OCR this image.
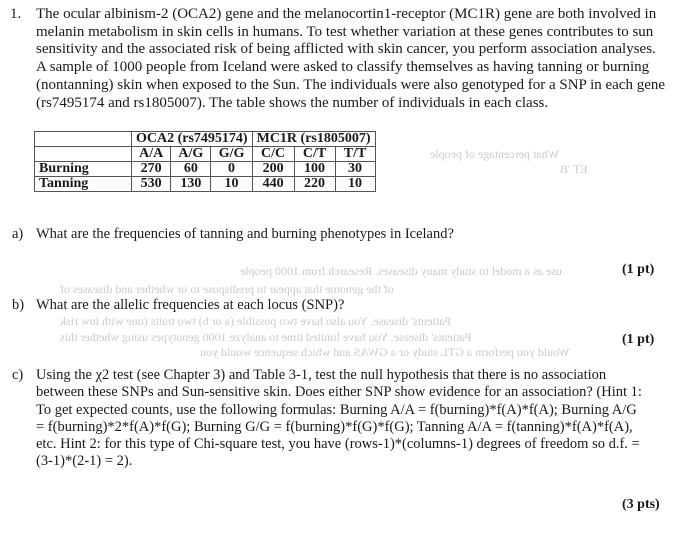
1. The ocular albinism-2 (OCA2) gene and the melanocortin1-receptor (MC1R) gene are both involved in

melanin metabolism in skin cells in humans. To test whether variation at these genes contributes to sun

sensitivity and the associated risk of being afflicted with skin cancer, you perform association analyses.

A sample of 1000 people from Iceland were asked to classify themselves as having tanning or burning

(nontanning) skin when exposed to the Sun. The individuals were also genotyped for a SNP in each gene

(rs7495174 and rs1805007). The table shows the number of individuals in each class.

What percentage of people
ET 'B
use as a model to study many diseases. Research from 1000 people
of the genome that appear to predispose to or whether and diseases of
Patients' disease. You also have two possible (a or b) two traits (one with low risk
Patients' disease. You have limited time to analyze 1000 genotypes using whether this
Would you perform a GTL study or a GWAS and which sequence would you
	OCA2 (rs7495174)			MC1R (rs1805007)		
	A/A	A/G	G/G	C/C	C/T	T/T
Burning	270	60	0	200	100	30
Tanning	530	130	10	440	220	10
a) What are the frequencies of tanning and burning phenotypes in Iceland?
(1 pt)
b) What are the allelic frequencies at each locus (SNP)?
(1 pt)
c) Using the χ2 test (see Chapter 3) and Table 3-1, test the null hypothesis that there is no association
between these SNPs and Sun-sensitive skin. Does either SNP show evidence for an association? (Hint 1:
To get expected counts, use the following formulas: Burning A/A = f(burning)*f(A)*f(A); Burning A/G
= f(burning)*2*f(A)*f(G); Burning G/G = f(burning)*f(G)*f(G); Tanning A/A = f(tanning)*f(A)*f(A),
etc. Hint 2: for this type of Chi-square test, you have (rows-1)*(columns-1) degrees of freedom so d.f. =
(3-1)*(2-1) = 2).
(3 pts)
